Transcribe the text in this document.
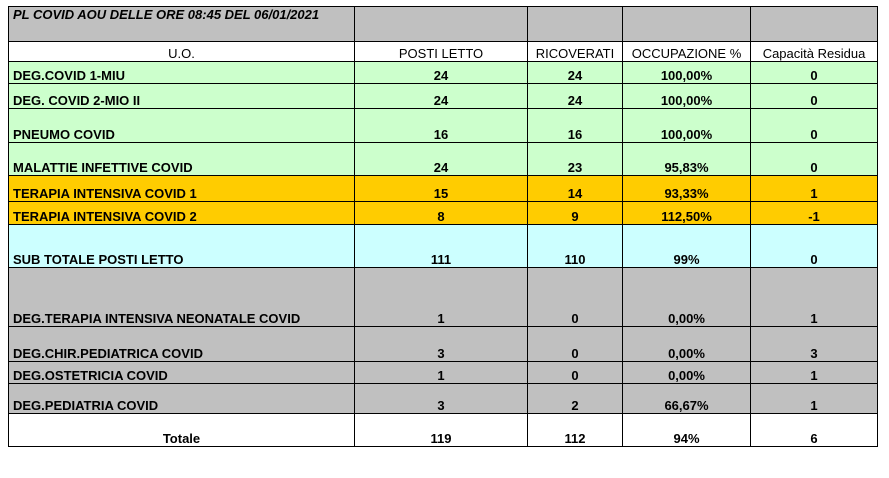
PL COVID AOU DELLE ORE 08:45 DEL 06/01/2021				
U.O.	POSTI LETTO	RICOVERATI	OCCUPAZIONE %	Capacità Residua
DEG.COVID 1-MIU	24	24	100,00%	0
DEG. COVID 2-MIO II	24	24	100,00%	0
PNEUMO COVID	16	16	100,00%	0
MALATTIE INFETTIVE COVID	24	23	95,83%	0
TERAPIA INTENSIVA COVID 1	15	14	93,33%	1
TERAPIA INTENSIVA COVID 2	8	9	112,50%	-1
SUB TOTALE POSTI LETTO	111	110	99%	0
DEG.TERAPIA INTENSIVA NEONATALE COVID	1	0	0,00%	1
DEG.CHIR.PEDIATRICA COVID	3	0	0,00%	3
DEG.OSTETRICIA COVID	1	0	0,00%	1
DEG.PEDIATRIA COVID	3	2	66,67%	1
Totale	119	112	94%	6
